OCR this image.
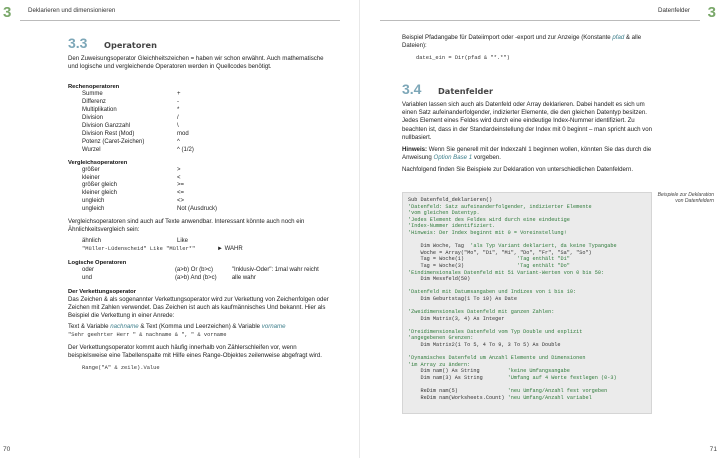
3	Deklarieren und dimensionieren
3.3	Operatoren

Den Zuweisungsoperator Gleichheitszeichen = haben wir schon erwähnt. Auch mathematische und logische und vergleichende Operatoren werden in Quellcodes benötigt.

Rechenoperatoren
Summe	+
Differenz	-
Multiplikation	*
Division	/
Division Ganzzahl	\
Division Rest (Mod)	mod
Potenz (Caret-Zeichen)	^
Wurzel	^ (1/2)
Vergleichsoperatoren
größer	>
kleiner	<
größer gleich	>=
kleiner gleich	<=
ungleich	<>
ungleich	Not (Ausdruck)

Vergleichsoperatoren sind auch auf Texte anwendbar. Interessant könnte auch noch ein Ähnlichkeitsvergleich sein:

ähnlich	Like	
"Müller-Lüdenscheid" Like "Müller*"		► WAHR
Logische Operatoren
oder	(a>b) Or (b>c)	"Inklusiv-Oder": 1mal wahr reicht
und	(a>b) And (b>c)	alle wahr
Der Verkettungsoperator

Das Zeichen & als sogenannter Verkettungsoperator wird zur Verkettung von Zeichenfolgen oder Zeichen mit Zahlen verwendet. Das Zeichen ist auch als kaufmännisches Und bekannt. Hier als Beispiel die Verkettung in einer Anrede:

Text & Variable nachname & Text (Komma und Leerzeichen) & Variable vorname

"Sehr geehrter Herr " & nachname & ", " & vorname

Der Verkettungsoperator kommt auch häufig innerhalb von Zählerschleifen vor, wenn beispielsweise eine Tabellenspalte mit Hilfe eines Range-Objektes zeilenweise abgefragt wird.

Range("A" & zeile).Value

70
Datenfelder 3

Beispiel Pfadangabe für Dateiimport oder -export und zur Anzeige (Konstante pfad & alle Dateien):

datei_ein = Dir(pfad & "*.*")

3.4	Datenfelder

Variablen lassen sich auch als Datenfeld oder Array deklarieren. Dabei handelt es sich um einen Satz aufeinanderfolgender, indizierter Elemente, die den gleichen Datentyp besitzen. Jedes Element eines Feldes wird durch eine eindeutige Index-Nummer identifiziert. Zu beachten ist, dass in der Standardeinstellung der Index mit 0 beginnt – man spricht auch von nullbasiert.

Hinweis: Wenn Sie generell mit der Indexzahl 1 beginnen wollen, könnten Sie das durch die Anweisung Option Base 1 vorgeben.

Nachfolgend finden Sie Beispiele zur Deklaration von unterschiedlichen Datenfeldern.

Sub Datenfeld_deklarieren()
'Datenfeld: Satz aufeinanderfolgender, indizierter Elemente
'vom gleichen Datentyp.
'Jedes Element des Feldes wird durch eine eindeutige
'Index-Nummer identifiziert.
'Hinweis: Der Index beginnt mit 0 = Voreinstellung!

Dim Woche, Tag  'als Typ Variant deklariert, da keine Typangabe
Woche = Array("Mo", "Di", "Mi", "Do", "Fr", "Sa", "So")
Tag = Woche(1)                 'Tag enthält "Di"
Tag = Woche(3)                 'Tag enthält "Do"
'Eindimensionales Datenfeld mit 51 Variant-Werten von 0 bis 50:
Dim Messfeld(50)

'Datenfeld mit Datumsangaben und Indizes von 1 bis 10:
Dim Geburtstag(1 To 10) As Date

'Zweidimensionales Datenfeld mit ganzen Zahlen:
Dim Matrix(3, 4) As Integer

'Dreidimensionales Datenfeld vom Typ Double und explizit
'angegebenen Grenzen:
Dim Matrix2(1 To 5, 4 To 9, 3 To 5) As Double

'Dynamisches Datenfeld um Anzahl Elemente und Dimensionen
'im Array zu ändern:
Dim nam() As String         'keine Umfangsangabe
Dim nam(3) As String        'Umfang auf 4 Werte festlegen (0-3)

ReDim nam(5)                'neu Umfang/Anzahl fest vorgeben
ReDim nam(Worksheets.Count) 'neu Umfang/Anzahl variabel
Beispiele zur Deklaration von Datenfeldern
71
